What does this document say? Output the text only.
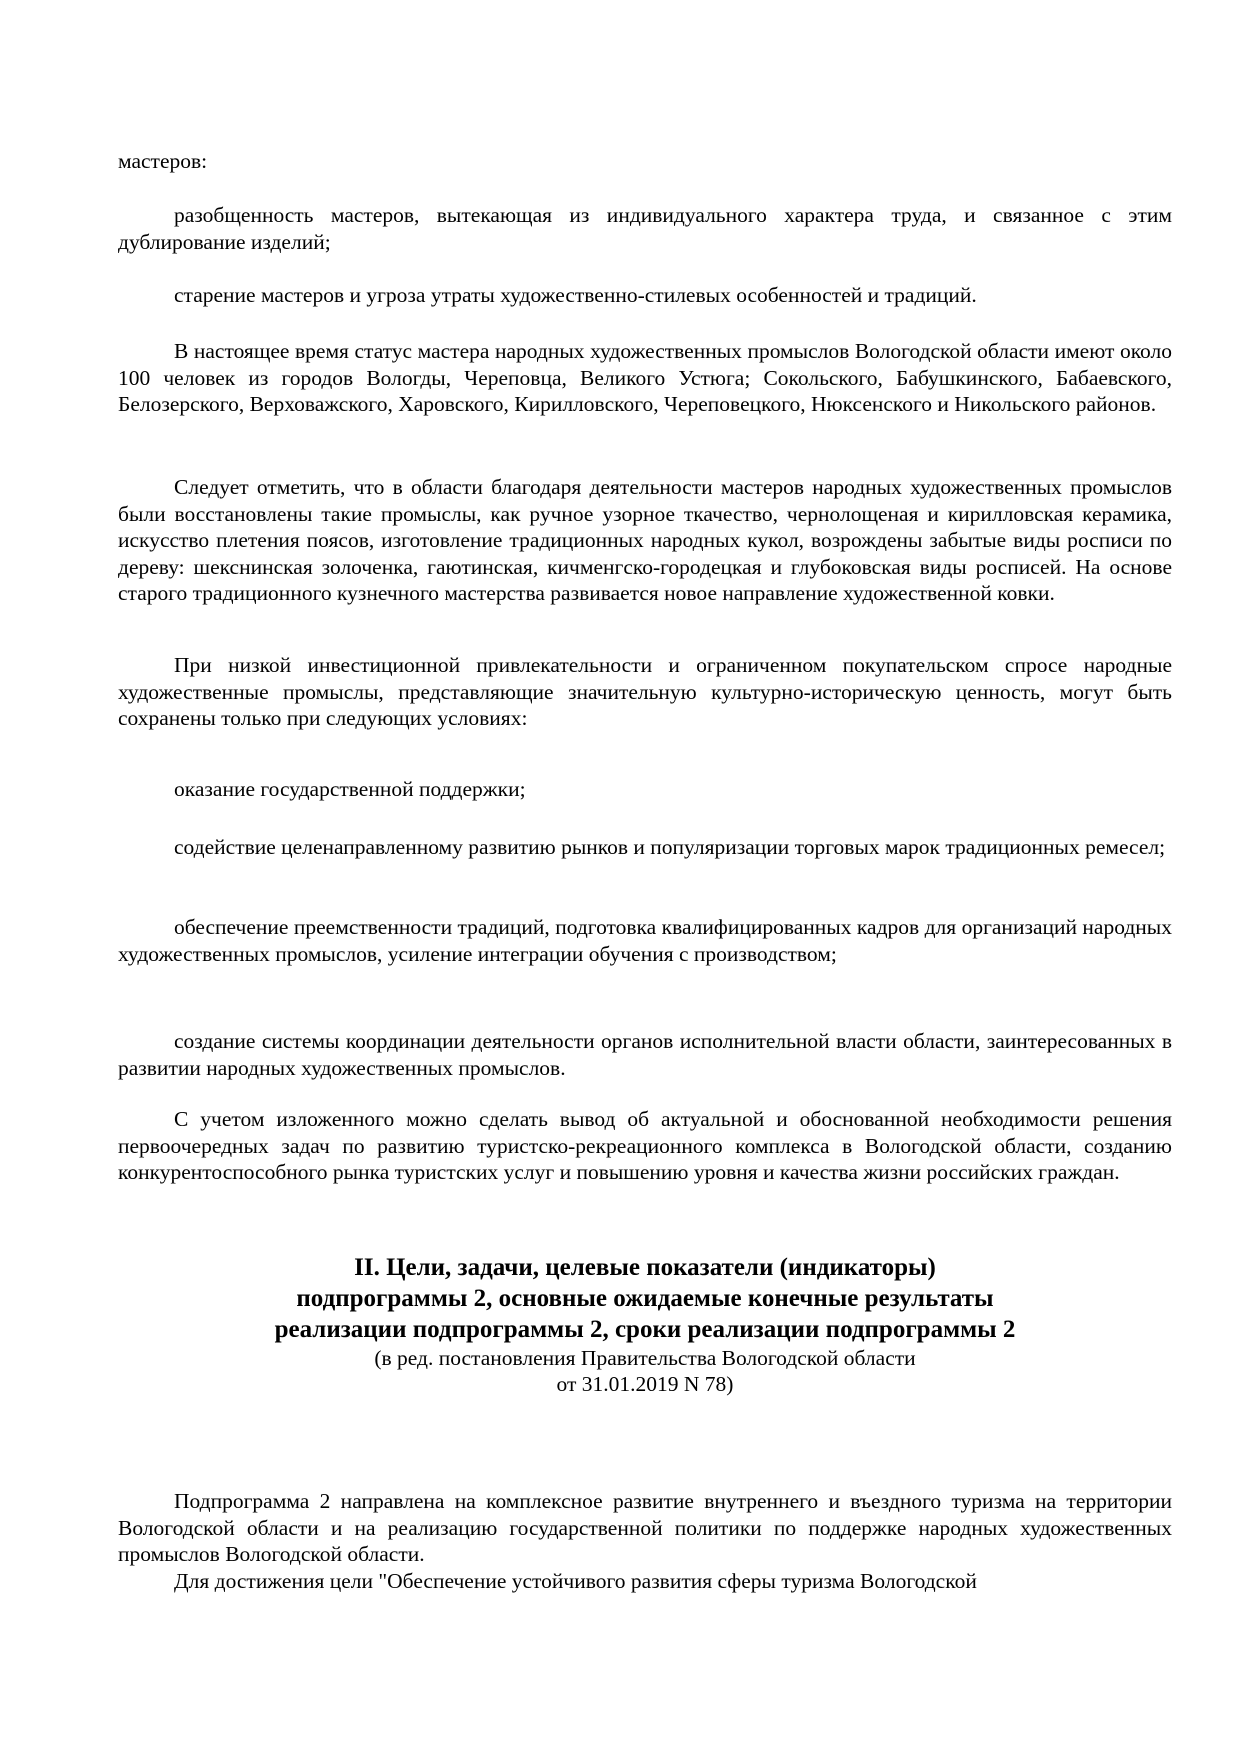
мастеров:

разобщенность мастеров, вытекающая из индивидуального характера труда, и связанное с этим дублирование изделий;

старение мастеров и угроза утраты художественно-стилевых особенностей и традиций.

В настоящее время статус мастера народных художественных промыслов Вологодской области имеют около 100 человек из городов Вологды, Череповца, Великого Устюга; Сокольского, Бабушкинского, Бабаевского, Белозерского, Верховажского, Харовского, Кирилловского, Череповецкого, Нюксенского и Никольского районов.

Следует отметить, что в области благодаря деятельности мастеров народных художественных промыслов были восстановлены такие промыслы, как ручное узорное ткачество, чернолощеная и кирилловская керамика, искусство плетения поясов, изготовление традиционных народных кукол, возрождены забытые виды росписи по дереву: шекснинская золоченка, гаютинская, кичменгско-городецкая и глубоковская виды росписей. На основе старого традиционного кузнечного мастерства развивается новое направление художественной ковки.

При низкой инвестиционной привлекательности и ограниченном покупательском спросе народные художественные промыслы, представляющие значительную культурно-историческую ценность, могут быть сохранены только при следующих условиях:

оказание государственной поддержки;

содействие целенаправленному развитию рынков и популяризации торговых марок традиционных ремесел;

обеспечение преемственности традиций, подготовка квалифицированных кадров для организаций народных художественных промыслов, усиление интеграции обучения с производством;

создание системы координации деятельности органов исполнительной власти области, заинтересованных в развитии народных художественных промыслов.

С учетом изложенного можно сделать вывод об актуальной и обоснованной необходимости решения первоочередных задач по развитию туристско-рекреационного комплекса в Вологодской области, созданию конкурентоспособного рынка туристских услуг и повышению уровня и качества жизни российских граждан.

II. Цели, задачи, целевые показатели (индикаторы)
подпрограммы 2, основные ожидаемые конечные результаты
реализации подпрограммы 2, сроки реализации подпрограммы 2
(в ред. постановления Правительства Вологодской области
от 31.01.2019 N 78)

Подпрограмма 2 направлена на комплексное развитие внутреннего и въездного туризма на территории Вологодской области и на реализацию государственной политики по поддержке народных художественных промыслов Вологодской области.

Для достижения цели "Обеспечение устойчивого развития сферы туризма Вологодской
